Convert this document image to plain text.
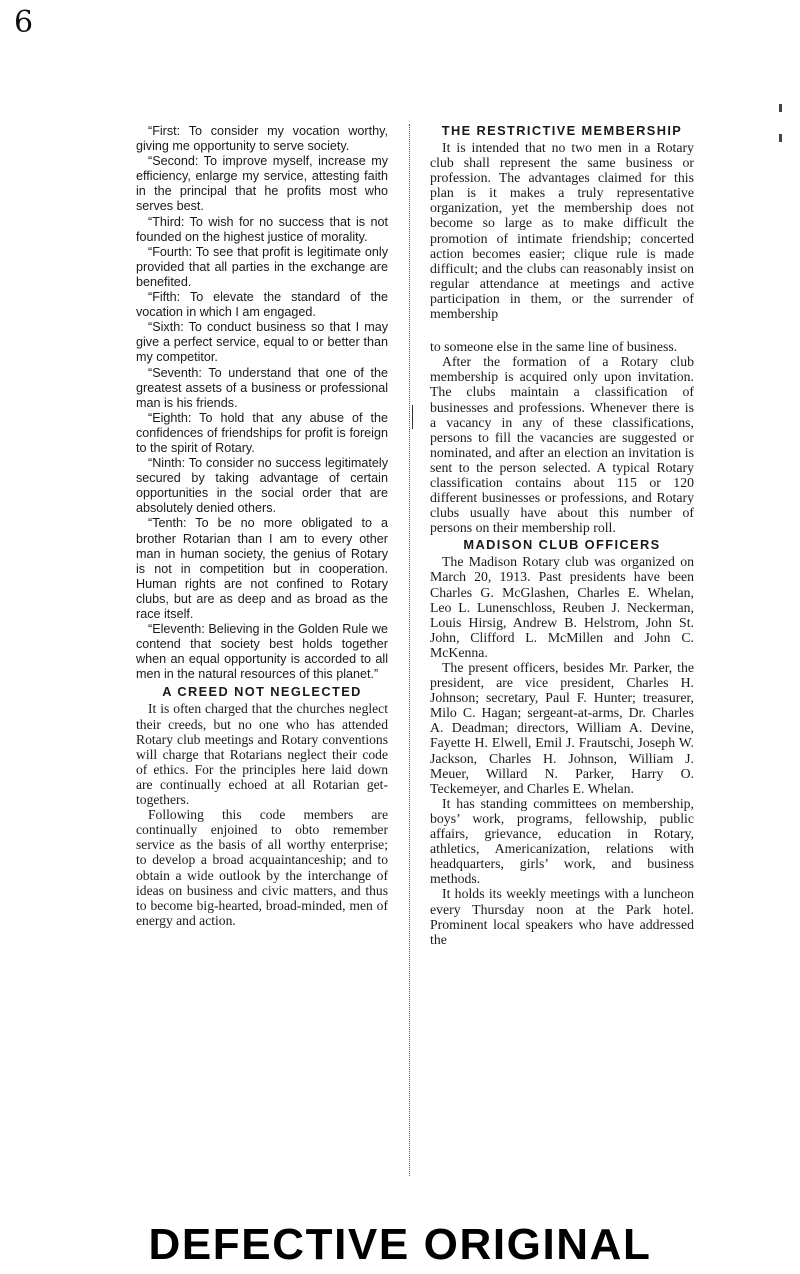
6

“First: To consider my vocation worthy, giving me opportunity to serve society.

“Second: To improve myself, increase my efficiency, enlarge my service, attesting faith in the principal that he profits most who serves best.

“Third: To wish for no success that is not founded on the highest justice of morality.

“Fourth: To see that profit is legitimate only provided that all parties in the exchange are benefited.

“Fifth: To elevate the standard of the vocation in which I am engaged.

“Sixth: To conduct business so that I may give a perfect service, equal to or better than my competitor.

“Seventh: To understand that one of the greatest assets of a business or professional man is his friends.

“Eighth: To hold that any abuse of the confidences of friendships for profit is foreign to the spirit of Rotary.

“Ninth: To consider no success legitimately secured by taking advantage of certain opportunities in the social order that are absolutely denied others.

“Tenth: To be no more obligated to a brother Rotarian than I am to every other man in human society, the genius of Rotary is not in competition but in cooperation. Human rights are not confined to Rotary clubs, but are as deep and as broad as the race itself.

“Eleventh: Believing in the Golden Rule we contend that society best holds together when an equal opportunity is accorded to all men in the natural resources of this planet.”

A CREED NOT NEGLECTED

It is often charged that the churches neglect their creeds, but no one who has attended Rotary club meetings and Rotary conventions will charge that Rotarians neglect their code of ethics. For the principles here laid down are continually echoed at all Rotarian get-togethers.

Following this code members are continually enjoined to obto remember service as the basis of all worthy enterprise; to develop a broad acquaintanceship; and to obtain a wide outlook by the interchange of ideas on business and civic matters, and thus to become big-hearted, broad-minded, men of energy and action.

THE RESTRICTIVE MEMBERSHIP

It is intended that no two men in a Rotary club shall represent the same business or profession. The advantages claimed for this plan is it makes a truly representative organization, yet the membership does not become so large as to make difficult the promotion of intimate friendship; concerted action becomes easier; clique rule is made difficult; and the clubs can reasonably insist on regular attendance at meetings and active participation in them, or the surrender of membership

to someone else in the same line of business.

After the formation of a Rotary club membership is acquired only upon invitation. The clubs maintain a classification of businesses and professions. Whenever there is a vacancy in any of these classifications, persons to fill the vacancies are suggested or nominated, and after an election an invitation is sent to the person selected. A typical Rotary classification contains about 115 or 120 different businesses or professions, and Rotary clubs usually have about this number of persons on their membership roll.

MADISON CLUB OFFICERS

The Madison Rotary club was organized on March 20, 1913. Past presidents have been Charles G. McGlashen, Charles E. Whelan, Leo L. Lunenschloss, Reuben J. Neckerman, Louis Hirsig, Andrew B. Helstrom, John St. John, Clifford L. McMillen and John C. McKenna.

The present officers, besides Mr. Parker, the president, are vice president, Charles H. Johnson; secretary, Paul F. Hunter; treasurer, Milo C. Hagan; sergeant-at-arms, Dr. Charles A. Deadman; directors, William A. Devine, Fayette H. Elwell, Emil J. Frautschi, Joseph W. Jackson, Charles H. Johnson, William J. Meuer, Willard N. Parker, Harry O. Teckemeyer, and Charles E. Whelan.

It has standing committees on membership, boys’ work, programs, fellowship, public affairs, grievance, education in Rotary, athletics, Americanization, relations with headquarters, girls’ work, and business methods.

It holds its weekly meetings with a luncheon every Thursday noon at the Park hotel. Prominent local speakers who have addressed the

DEFECTIVE ORIGINAL
